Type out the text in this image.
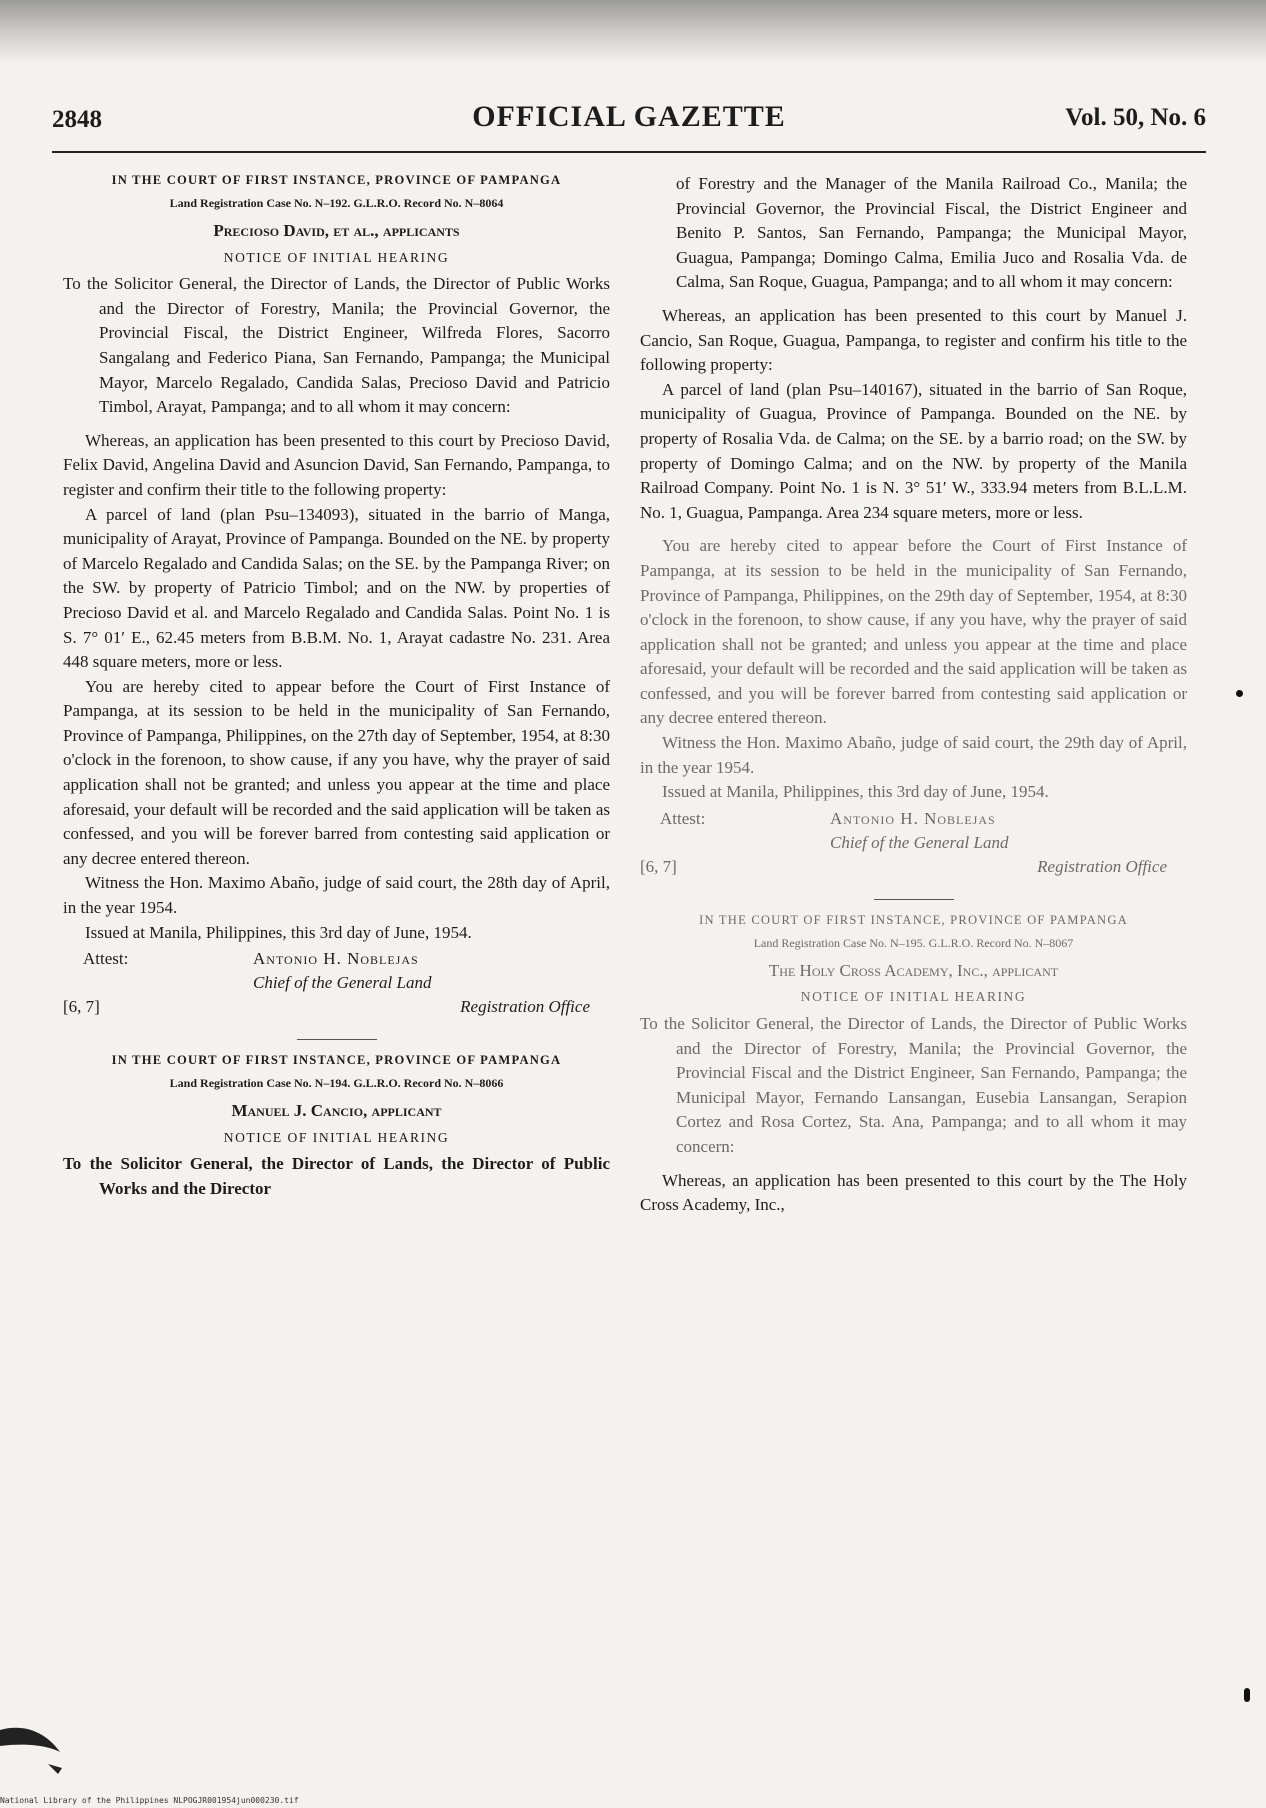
2848	OFFICIAL GAZETTE	Vol. 50, No. 6
IN THE COURT OF FIRST INSTANCE, PROVINCE OF PAMPANGA
Land Registration Case No. N–192. G.L.R.O. Record No. N–8064
Precioso David, et al., applicants
NOTICE OF INITIAL HEARING
To the Solicitor General, the Director of Lands, the Director of Public Works and the Director of Forestry, Manila; the Provincial Governor, the Provincial Fiscal, the District Engineer, Wilfreda Flores, Sacorro Sangalang and Federico Piana, San Fernando, Pampanga; the Municipal Mayor, Marcelo Regalado, Candida Salas, Precioso David and Patricio Timbol, Arayat, Pampanga; and to all whom it may concern:

Whereas, an application has been presented to this court by Precioso David, Felix David, Angelina David and Asuncion David, San Fernando, Pampanga, to register and confirm their title to the following property:

A parcel of land (plan Psu–134093), situated in the barrio of Manga, municipality of Arayat, Province of Pampanga. Bounded on the NE. by property of Marcelo Regalado and Candida Salas; on the SE. by the Pampanga River; on the SW. by property of Patricio Timbol; and on the NW. by properties of Precioso David et al. and Marcelo Regalado and Candida Salas. Point No. 1 is S. 7° 01′ E., 62.45 meters from B.B.M. No. 1, Arayat cadastre No. 231. Area 448 square meters, more or less.

You are hereby cited to appear before the Court of First Instance of Pampanga, at its session to be held in the municipality of San Fernando, Province of Pampanga, Philippines, on the 27th day of September, 1954, at 8:30 o'clock in the forenoon, to show cause, if any you have, why the prayer of said application shall not be granted; and unless you appear at the time and place aforesaid, your default will be recorded and the said application will be taken as confessed, and you will be forever barred from contesting said application or any decree entered thereon.

Witness the Hon. Maximo Abaño, judge of said court, the 28th day of April, in the year 1954.

Issued at Manila, Philippines, this 3rd day of June, 1954.

Attest:	Antonio H. Noblejas
Chief of the General Land
[6, 7]	Registration Office
IN THE COURT OF FIRST INSTANCE, PROVINCE OF PAMPANGA
Land Registration Case No. N–194. G.L.R.O. Record No. N–8066
Manuel J. Cancio, applicant
NOTICE OF INITIAL HEARING
To the Solicitor General, the Director of Lands, the Director of Public Works and the Director
of Forestry and the Manager of the Manila Railroad Co., Manila; the Provincial Governor, the Provincial Fiscal, the District Engineer and Benito P. Santos, San Fernando, Pampanga; the Municipal Mayor, Guagua, Pampanga; Domingo Calma, Emilia Juco and Rosalia Vda. de Calma, San Roque, Guagua, Pampanga; and to all whom it may concern:

Whereas, an application has been presented to this court by Manuel J. Cancio, San Roque, Guagua, Pampanga, to register and confirm his title to the following property:

A parcel of land (plan Psu–140167), situated in the barrio of San Roque, municipality of Guagua, Province of Pampanga. Bounded on the NE. by property of Rosalia Vda. de Calma; on the SE. by a barrio road; on the SW. by property of Domingo Calma; and on the NW. by property of the Manila Railroad Company. Point No. 1 is N. 3° 51′ W., 333.94 meters from B.L.L.M. No. 1, Guagua, Pampanga. Area 234 square meters, more or less.

You are hereby cited to appear before the Court of First Instance of Pampanga, at its session to be held in the municipality of San Fernando, Province of Pampanga, Philippines, on the 29th day of September, 1954, at 8:30 o'clock in the forenoon, to show cause, if any you have, why the prayer of said application shall not be granted; and unless you appear at the time and place aforesaid, your default will be recorded and the said application will be taken as confessed, and you will be forever barred from contesting said application or any decree entered thereon.

Witness the Hon. Maximo Abaño, judge of said court, the 29th day of April, in the year 1954.

Issued at Manila, Philippines, this 3rd day of June, 1954.

Attest:	Antonio H. Noblejas
Chief of the General Land
[6, 7]	Registration Office
IN THE COURT OF FIRST INSTANCE, PROVINCE OF PAMPANGA
Land Registration Case No. N–195. G.L.R.O. Record No. N–8067
The Holy Cross Academy, Inc., applicant
NOTICE OF INITIAL HEARING
To the Solicitor General, the Director of Lands, the Director of Public Works and the Director of Forestry, Manila; the Provincial Governor, the Provincial Fiscal and the District Engineer, San Fernando, Pampanga; the Municipal Mayor, Fernando Lansangan, Eusebia Lansangan, Serapion Cortez and Rosa Cortez, Sta. Ana, Pampanga; and to all whom it may concern:

Whereas, an application has been presented to this court by the The Holy Cross Academy, Inc.,

National Library of the Philippines NLPOGJR001954jun000230.tif
